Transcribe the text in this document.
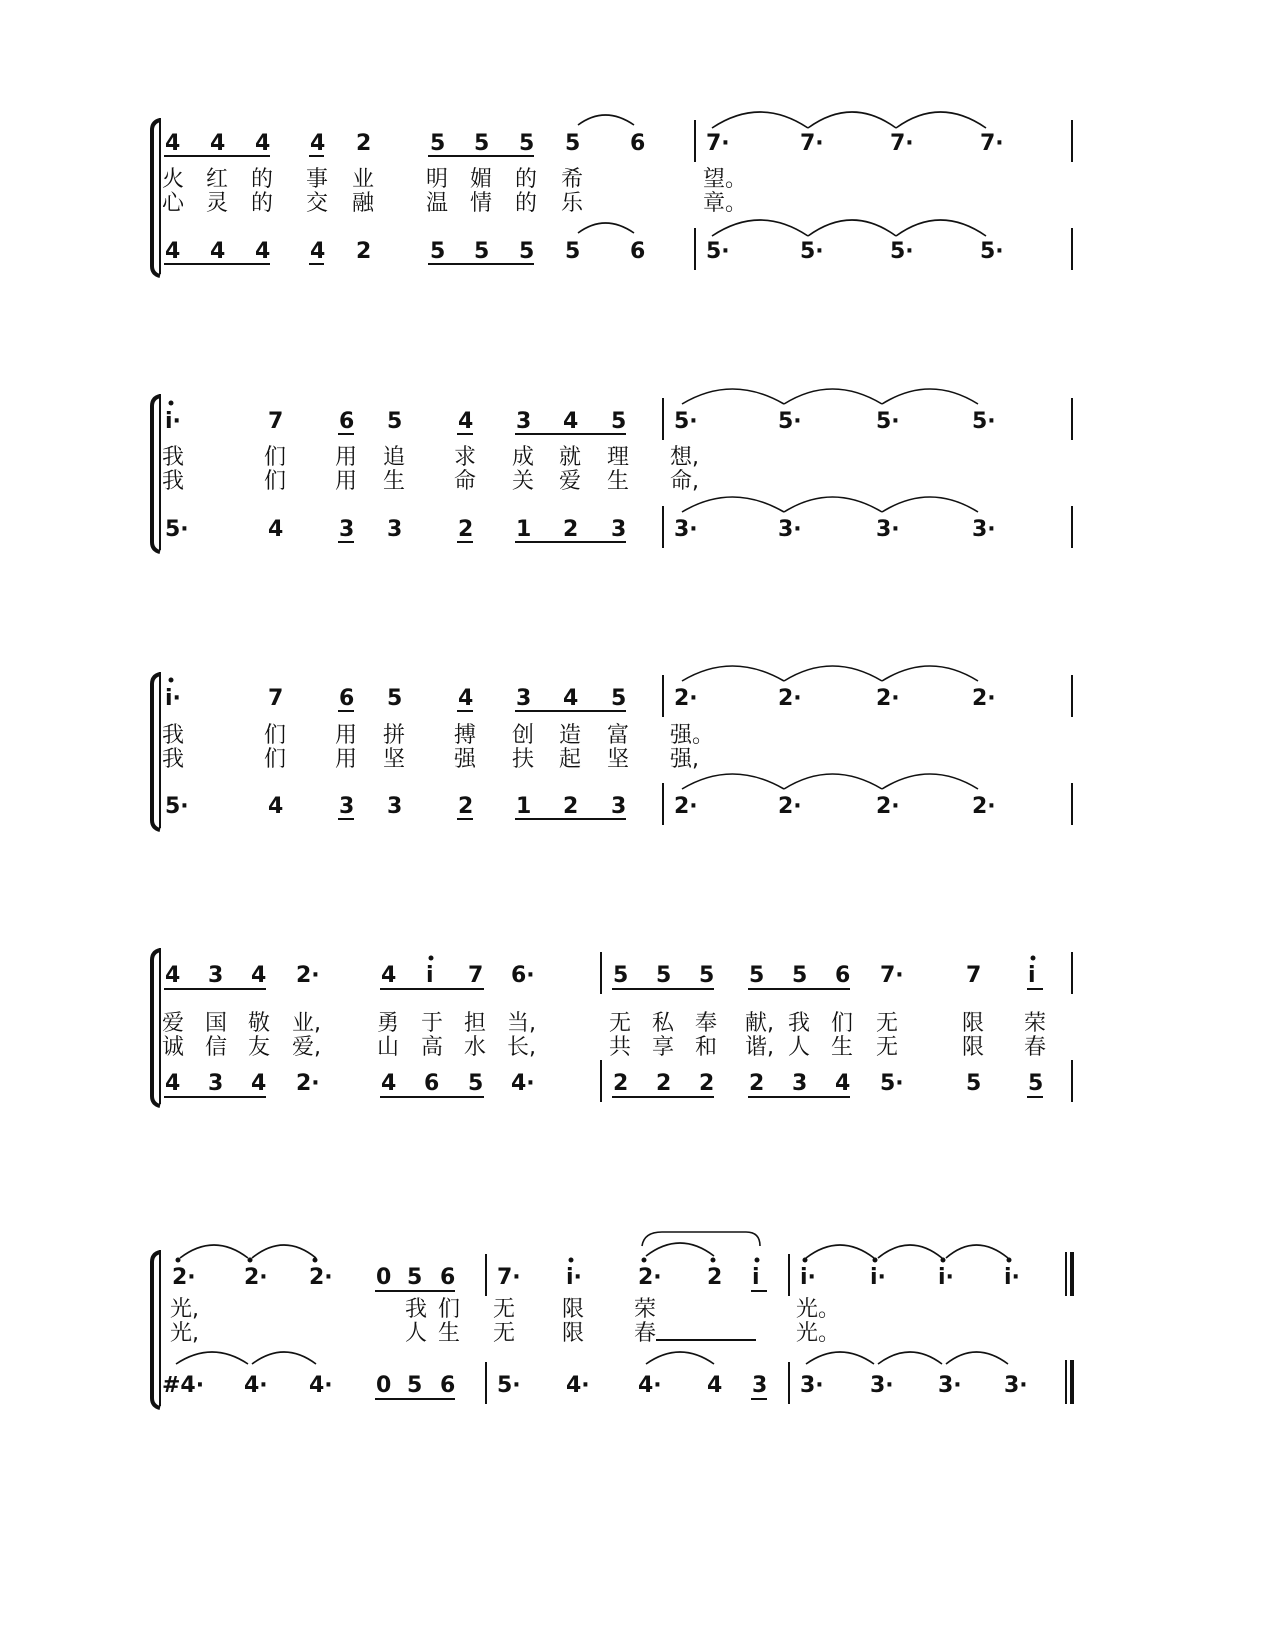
4 4 4 4 2	5 5 5 5 6	7·	7·	7·	7·
火 红 的 事 业 明 媚 的 希	望。
心 灵 的 交 融 温 情 的 乐	章。
4 4 4 4 2	5 5 5 5 6	5·	5·	5·	5·
i·	7	6 5	4 3 4 5 5·	5·	5·	5·
我	们 用 追 求 成 就 理 想,
我	们 用 生 命 关 爱 生 命,
5·	4	3 3	2 1 2 3 3·	3·	3·	3·
i·	7	6 5	4 3 4 5 2·	2·	2·	2·
我	们 用 拼 搏 创 造 富 强。
我	们 用 坚 强 扶 起 坚 强,
5·	4	3 3	2 1 2 3 2·	2·	2·	2·
4 3 4 2·	4 i 7 6·	5 5 5 5 5 6 7·	7 i
爱 国 敬 业,	勇 于 担 当,	无 私 奉 献, 我 们 无	限 荣
诚 信 友 爱,	山 高 水 长,	共 享 和 谐, 人 生 无	限 春
4 3 4 2·	4 6 5 4·	2 2 2 2 3 4 5·	5 5
2· 2· 2· 0 5 6 7· i·	2· 2 i i· i· i· i·
光,	我 们 无 限 荣	光。
光,	人 生 无 限 春	光。
#4· 4· 4· 0 5 6 5· 4· 4· 4 3 3· 3· 3· 3·
